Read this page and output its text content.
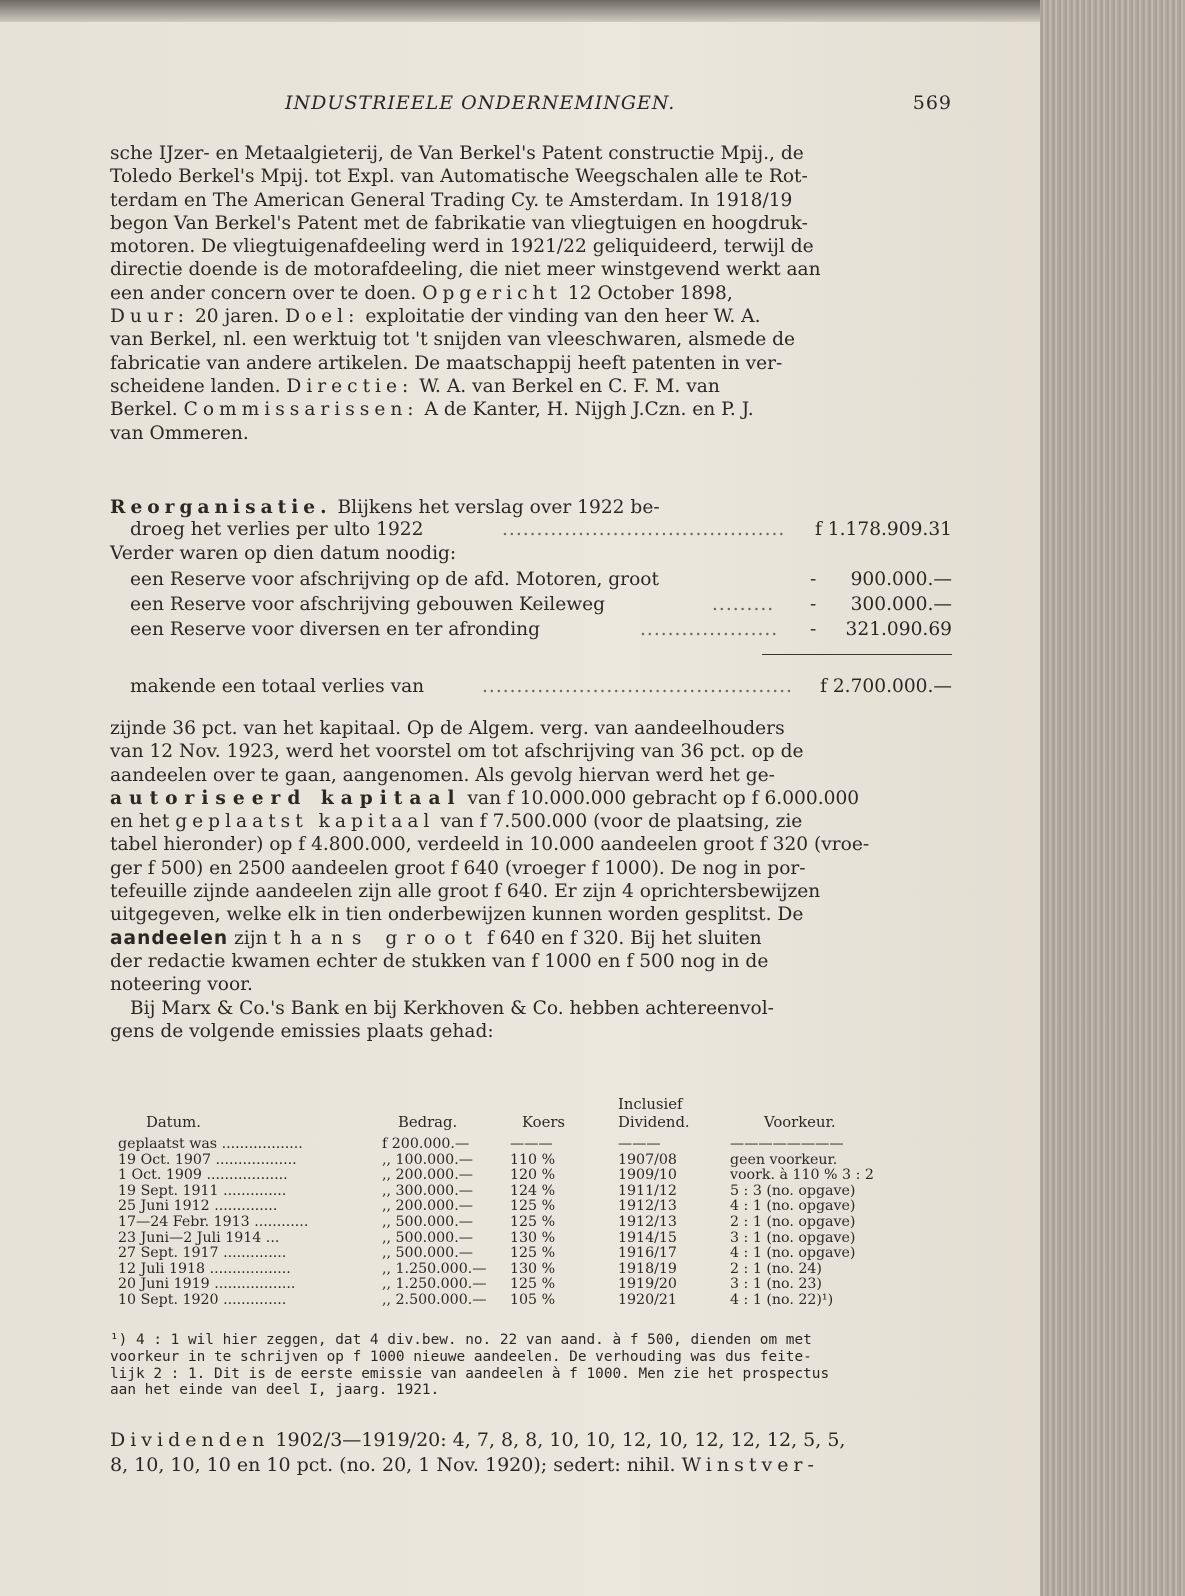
INDUSTRIEELE ONDERNEMINGEN.	569
sche IJzer- en Metaalgieterij, de Van Berkel's Patent constructie Mpij., de
Toledo Berkel's Mpij. tot Expl. van Automatische Weegschalen alle te Rot-
terdam en The American General Trading Cy. te Amsterdam. In 1918/19
begon Van Berkel's Patent met de fabrikatie van vliegtuigen en hoogdruk-
motoren. De vliegtuigenafdeeling werd in 1921/22 geliquideerd, terwijl de
directie doende is de motorafdeeling, die niet meer winstgevend werkt aan
een ander concern over te doen. Opgericht 12 October 1898,
Duur: 20 jaren. Doel: exploitatie der vinding van den heer W. A.
van Berkel, nl. een werktuig tot 't snijden van vleeschwaren, alsmede de
fabricatie van andere artikelen. De maatschappij heeft patenten in ver-
scheidene landen. Directie: W. A. van Berkel en C. F. M. van
Berkel. Commissarissen: A de Kanter, H. Nijgh J.Czn. en P. J.
van Ommeren.
Reorganisatie. Blijkens het verslag over 1922 be-
droeg het verlies per ulto 1922	......................................... f 1.178.909.31
Verder waren op dien datum noodig:
een Reserve voor afschrijving op de afd. Motoren, groot	- 900.000.—
een Reserve voor afschrijving gebouwen Keileweg	......... - 300.000.—
een Reserve voor diversen en ter afronding	.................... - 321.090.69
makende een totaal verlies van	............................................. f 2.700.000.—
zijnde 36 pct. van het kapitaal. Op de Algem. verg. van aandeelhouders
van 12 Nov. 1923, werd het voorstel om tot afschrijving van 36 pct. op de
aandeelen over te gaan, aangenomen. Als gevolg hiervan werd het ge-
autoriseerd kapitaal van f 10.000.000 gebracht op f 6.000.000
en het geplaatst kapitaal van f 7.500.000 (voor de plaatsing, zie
tabel hieronder) op f 4.800.000, verdeeld in 10.000 aandeelen groot f 320 (vroe-
ger f 500) en 2500 aandeelen groot f 640 (vroeger f 1000). De nog in por-
tefeuille zijnde aandeelen zijn alle groot f 640. Er zijn 4 oprichtersbewijzen
uitgegeven, welke elk in tien onderbewijzen kunnen worden gesplitst. De
aandeelen zijn thans groot f 640 en f 320. Bij het sluiten
der redactie kwamen echter de stukken van f 1000 en f 500 nog in de
noteering voor.
Bij Marx & Co.'s Bank en bij Kerkhoven & Co. hebben achtereenvol-
gens de volgende emissies plaats gehad:
Inclusief
Datum.	Bedrag.	Koers	Dividend.	Voorkeur.
geplaatst was ..................	f 200.000.—	———	———	————————
19 Oct. 1907 ..................	,, 100.000.—	110 %	1907/08	geen voorkeur.
1 Oct. 1909 ..................	,, 200.000.—	120 %	1909/10	voork. à 110 % 3 : 2
19 Sept. 1911 ..............	,, 300.000.—	124 %	1911/12	5 : 3 (no. opgave)
25 Juni 1912 ..............	,, 200.000.—	125 %	1912/13	4 : 1 (no. opgave)
17—24 Febr. 1913 ............	,, 500.000.—	125 %	1912/13	2 : 1 (no. opgave)
23 Juni—2 Juli 1914 ...	,, 500.000.—	130 %	1914/15	3 : 1 (no. opgave)
27 Sept. 1917 ..............	,, 500.000.—	125 %	1916/17	4 : 1 (no. opgave)
12 Juli 1918 ..................	,, 1.250.000.— 130 %	1918/19	2 : 1 (no. 24)
20 Juni 1919 ..................	,, 1.250.000.— 125 %	1919/20	3 : 1 (no. 23)
10 Sept. 1920 ..............	,, 2.500.000.— 105 %	1920/21	4 : 1 (no. 22)¹)
¹) 4 : 1 wil hier zeggen, dat 4 div.bew. no. 22 van aand. à f 500, dienden om met
voorkeur in te schrijven op f 1000 nieuwe aandeelen. De verhouding was dus feite-
lijk 2 : 1. Dit is de eerste emissie van aandeelen à f 1000. Men zie het prospectus
aan het einde van deel I, jaarg. 1921.
Dividenden 1902/3—1919/20: 4, 7, 8, 8, 10, 10, 12, 10, 12, 12, 12, 5, 5,
8, 10, 10, 10 en 10 pct. (no. 20, 1 Nov. 1920); sedert: nihil. Winstver-
